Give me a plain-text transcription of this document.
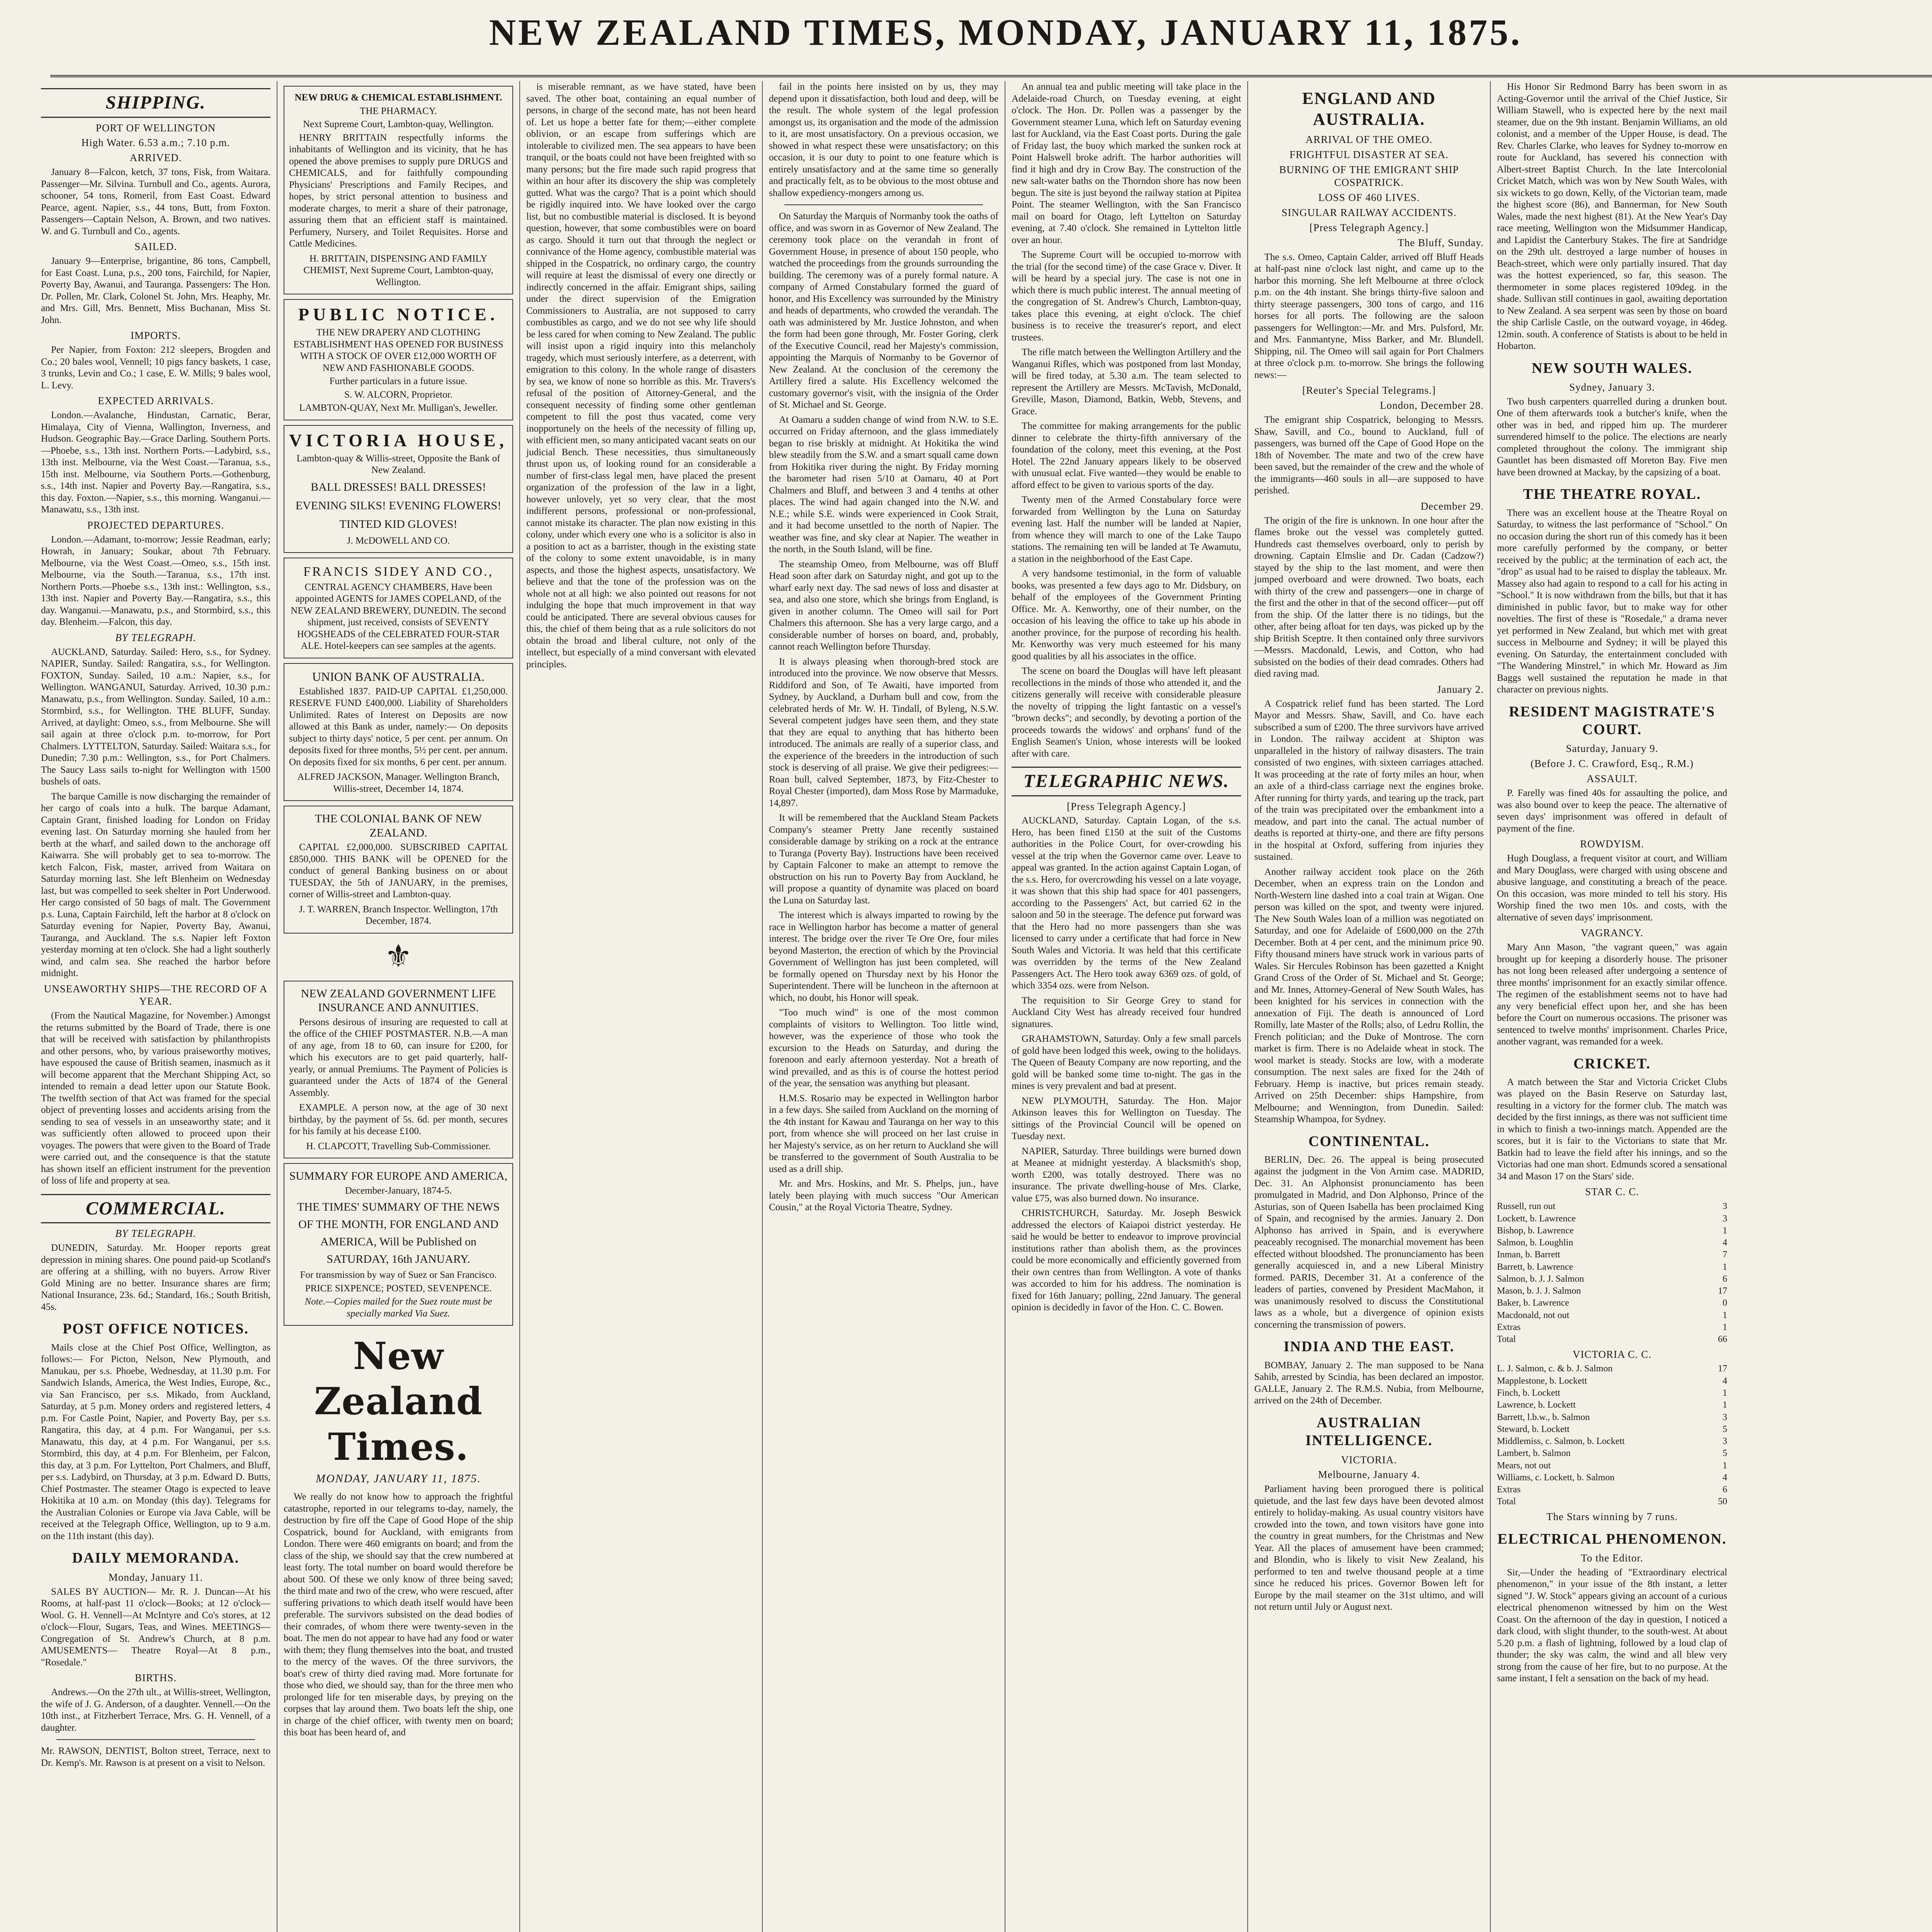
NEW ZEALAND TIMES, MONDAY, JANUARY 11, 1875.
SHIPPING.
PORT OF WELLINGTON
High Water. 6.53 a.m.; 7.10 p.m.
ARRIVED.
January 8—Falcon, ketch, 37 tons, Fisk, from Waitara. Passenger—Mr. Silvina. Turnbull and Co., agents. Aurora, schooner, 54 tons, Romeril, from East Coast. Edward Pearce, agent. Napier, s.s., 44 tons, Butt, from Foxton. Passengers—Captain Nelson, A. Brown, and two natives. W. and G. Turnbull and Co., agents.
SAILED.
January 9—Enterprise, brigantine, 86 tons, Campbell, for East Coast. Luna, p.s., 200 tons, Fairchild, for Napier, Poverty Bay, Awanui, and Tauranga. Passengers: The Hon. Dr. Pollen, Mr. Clark, Colonel St. John, Mrs. Heaphy, Mr. and Mrs. Gill, Mrs. Bennett, Miss Buchanan, Miss St. John.
IMPORTS.
Per Napier, from Foxton: 212 sleepers, Brogden and Co.; 20 bales wool, Vennell; 10 pigs fancy baskets, 1 case, 3 trunks, Levin and Co.; 1 case, E. W. Mills; 9 bales wool, L. Levy.
EXPECTED ARRIVALS.
London.—Avalanche, Hindustan, Carnatic, Berar, Himalaya, City of Vienna, Wallington, Inverness, and Hudson. Geographic Bay.—Grace Darling. Southern Ports.—Phoebe, s.s., 13th inst. Northern Ports.—Ladybird, s.s., 13th inst. Melbourne, via the West Coast.—Taranua, s.s., 15th inst. Melbourne, via Southern Ports.—Gothenburg, s.s., 14th inst. Napier and Poverty Bay.—Rangatira, s.s., this day. Foxton.—Napier, s.s., this morning. Wanganui.—Manawatu, s.s., 13th inst.
PROJECTED DEPARTURES.
London.—Adamant, to-morrow; Jessie Readman, early; Howrah, in January; Soukar, about 7th February. Melbourne, via the West Coast.—Omeo, s.s., 15th inst. Melbourne, via the South.—Taranua, s.s., 17th inst. Northern Ports.—Phoebe s.s., 13th inst.: Wellington, s.s., 13th inst. Napier and Poverty Bay.—Rangatira, s.s., this day. Wanganui.—Manawatu, p.s., and Stormbird, s.s., this day. Blenheim.—Falcon, this day.
BY TELEGRAPH.
AUCKLAND, Saturday. Sailed: Hero, s.s., for Sydney. NAPIER, Sunday. Sailed: Rangatira, s.s., for Wellington. FOXTON, Sunday. Sailed, 10 a.m.: Napier, s.s., for Wellington. WANGANUI, Saturday. Arrived, 10.30 p.m.: Manawatu, p.s., from Wellington. Sunday. Sailed, 10 a.m.: Stormbird, s.s., for Wellington. THE BLUFF, Sunday. Arrived, at daylight: Omeo, s.s., from Melbourne. She will sail again at three o'clock p.m. to-morrow, for Port Chalmers. LYTTELTON, Saturday. Sailed: Waitara s.s., for Dunedin; 7.30 p.m.: Wellington, s.s., for Port Chalmers. The Saucy Lass sails to-night for Wellington with 1500 bushels of oats.
The barque Camille is now discharging the remainder of her cargo of coals into a hulk. The barque Adamant, Captain Grant, finished loading for London on Friday evening last. On Saturday morning she hauled from her berth at the wharf, and sailed down to the anchorage off Kaiwarra. She will probably get to sea to-morrow. The ketch Falcon, Fisk, master, arrived from Waitara on Saturday morning last. She left Blenheim on Wednesday last, but was compelled to seek shelter in Port Underwood. Her cargo consisted of 50 bags of malt. The Government p.s. Luna, Captain Fairchild, left the harbor at 8 o'clock on Saturday evening for Napier, Poverty Bay, Awanui, Tauranga, and Auckland. The s.s. Napier left Foxton yesterday morning at ten o'clock. She had a light southerly wind, and calm sea. She reached the harbor before midnight.
UNSEAWORTHY SHIPS—THE RECORD OF A YEAR.
(From the Nautical Magazine, for November.) Amongst the returns submitted by the Board of Trade, there is one that will be received with satisfaction by philanthropists and other persons, who, by various praiseworthy motives, have espoused the cause of British seamen, inasmuch as it will become apparent that the Merchant Shipping Act, so intended to remain a dead letter upon our Statute Book. The twelfth section of that Act was framed for the special object of preventing losses and accidents arising from the sending to sea of vessels in an unseaworthy state; and it was sufficiently often allowed to proceed upon their voyages. The powers that were given to the Board of Trade were carried out, and the consequence is that the statute has shown itself an efficient instrument for the prevention of loss of life and property at sea.
COMMERCIAL.
BY TELEGRAPH.
DUNEDIN, Saturday. Mr. Hooper reports great depression in mining shares. One pound paid-up Scotland's are offering at a shilling, with no buyers. Arrow River Gold Mining are no better. Insurance shares are firm; National Insurance, 23s. 6d.; Standard, 16s.; South British, 45s.
POST OFFICE NOTICES.
Mails close at the Chief Post Office, Wellington, as follows:— For Picton, Nelson, New Plymouth, and Manukau, per s.s. Phoebe, Wednesday, at 11.30 p.m. For Sandwich Islands, America, the West Indies, Europe, &c., via San Francisco, per s.s. Mikado, from Auckland, Saturday, at 5 p.m. Money orders and registered letters, 4 p.m. For Castle Point, Napier, and Poverty Bay, per s.s. Rangatira, this day, at 4 p.m. For Wanganui, per s.s. Manawatu, this day, at 4 p.m. For Wanganui, per s.s. Stormbird, this day, at 4 p.m. For Blenheim, per Falcon, this day, at 3 p.m. For Lyttelton, Port Chalmers, and Bluff, per s.s. Ladybird, on Thursday, at 3 p.m. Edward D. Butts, Chief Postmaster. The steamer Otago is expected to leave Hokitika at 10 a.m. on Monday (this day). Telegrams for the Australian Colonies or Europe via Java Cable, will be received at the Telegraph Office, Wellington, up to 9 a.m. on the 11th instant (this day).
DAILY MEMORANDA.
Monday, January 11.
SALES BY AUCTION— Mr. R. J. Duncan—At his Rooms, at half-past 11 o'clock—Books; at 12 o'clock—Wool. G. H. Vennell—At McIntyre and Co's stores, at 12 o'clock—Flour, Sugars, Teas, and Wines. MEETINGS— Congregation of St. Andrew's Church, at 8 p.m. AMUSEMENTS— Theatre Royal—At 8 p.m., "Rosedale."
BIRTHS.
Andrews.—On the 27th ult., at Willis-street, Wellington, the wife of J. G. Anderson, of a daughter. Vennell.—On the 10th inst., at Fitzherbert Terrace, Mrs. G. H. Vennell, of a daughter.
Mr. RAWSON, DENTIST, Bolton street, Terrace, next to Dr. Kemp's. Mr. Rawson is at present on a visit to Nelson.
NEW DRUG & CHEMICAL ESTABLISHMENT.
THE PHARMACY.
Next Supreme Court, Lambton-quay, Wellington.
HENRY BRITTAIN respectfully informs the inhabitants of Wellington and its vicinity, that he has opened the above premises to supply pure DRUGS and CHEMICALS, and for faithfully compounding Physicians' Prescriptions and Family Recipes, and hopes, by strict personal attention to business and moderate charges, to merit a share of their patronage, assuring them that an efficient staff is maintained. Perfumery, Nursery, and Toilet Requisites. Horse and Cattle Medicines.
H. BRITTAIN, DISPENSING AND FAMILY CHEMIST, Next Supreme Court, Lambton-quay, Wellington.
PUBLIC NOTICE.
THE NEW DRAPERY AND CLOTHING ESTABLISHMENT HAS OPENED FOR BUSINESS WITH A STOCK OF OVER £12,000 WORTH OF NEW AND FASHIONABLE GOODS.
Further particulars in a future issue.
S. W. ALCORN, Proprietor.
LAMBTON-QUAY, Next Mr. Mulligan's, Jeweller.
VICTORIA HOUSE,
Lambton-quay & Willis-street, Opposite the Bank of New Zealand.
BALL DRESSES! BALL DRESSES! EVENING SILKS! EVENING FLOWERS! TINTED KID GLOVES!
J. McDOWELL AND CO.
FRANCIS SIDEY AND CO.,
CENTRAL AGENCY CHAMBERS, Have been appointed AGENTS for JAMES COPELAND, of the NEW ZEALAND BREWERY, DUNEDIN. The second shipment, just received, consists of SEVENTY HOGSHEADS of the CELEBRATED FOUR-STAR ALE. Hotel-keepers can see samples at the agents.
UNION BANK OF AUSTRALIA.
Established 1837. PAID-UP CAPITAL £1,250,000. RESERVE FUND £400,000. Liability of Shareholders Unlimited. Rates of Interest on Deposits are now allowed at this Bank as under, namely:— On deposits subject to thirty days' notice, 5 per cent. per annum. On deposits fixed for three months, 5½ per cent. per annum. On deposits fixed for six months, 6 per cent. per annum.
ALFRED JACKSON, Manager. Wellington Branch, Willis-street, December 14, 1874.
THE COLONIAL BANK OF NEW ZEALAND.
CAPITAL £2,000,000. SUBSCRIBED CAPITAL £850,000. THIS BANK will be OPENED for the conduct of general Banking business on or about TUESDAY, the 5th of JANUARY, in the premises, corner of Willis-street and Lambton-quay.
J. T. WARREN, Branch Inspector. Wellington, 17th December, 1874.
⚜
NEW ZEALAND GOVERNMENT LIFE INSURANCE AND ANNUITIES.
Persons desirous of insuring are requested to call at the office of the CHIEF POSTMASTER. N.B.—A man of any age, from 18 to 60, can insure for £200, for which his executors are to get paid quarterly, half-yearly, or annual Premiums. The Payment of Policies is guaranteed under the Acts of 1874 of the General Assembly.
EXAMPLE. A person now, at the age of 30 next birthday, by the payment of 5s. 6d. per month, secures for his family at his decease £100.
H. CLAPCOTT, Travelling Sub-Commissioner.
SUMMARY FOR EUROPE AND AMERICA,
December-January, 1874-5.
THE TIMES' SUMMARY OF THE NEWS OF THE MONTH, FOR ENGLAND AND AMERICA, Will be Published on SATURDAY, 16th JANUARY.
For transmission by way of Suez or San Francisco.
PRICE SIXPENCE; POSTED, SEVENPENCE.
Note.—Copies mailed for the Suez route must be specially marked Via Suez.
New Zealand Times.
MONDAY, JANUARY 11, 1875.
We really do not know how to approach the frightful catastrophe, reported in our telegrams to-day, namely, the destruction by fire off the Cape of Good Hope of the ship Cospatrick, bound for Auckland, with emigrants from London. There were 460 emigrants on board; and from the class of the ship, we should say that the crew numbered at least forty. The total number on board would therefore be about 500. Of these we only know of three being saved; the third mate and two of the crew, who were rescued, after suffering privations to which death itself would have been preferable. The survivors subsisted on the dead bodies of their comrades, of whom there were twenty-seven in the boat. The men do not appear to have had any food or water with them; they flung themselves into the boat, and trusted to the mercy of the waves. Of the three survivors, the boat's crew of thirty died raving mad. More fortunate for those who died, we should say, than for the three men who prolonged life for ten miserable days, by preying on the corpses that lay around them. Two boats left the ship, one in charge of the chief officer, with twenty men on board; this boat has been heard of, and
is miserable remnant, as we have stated, have been saved. The other boat, containing an equal number of persons, in charge of the second mate, has not been heard of. Let us hope a better fate for them;—either complete oblivion, or an escape from sufferings which are intolerable to civilized men. The sea appears to have been tranquil, or the boats could not have been freighted with so many persons; but the fire made such rapid progress that within an hour after its discovery the ship was completely gutted. What was the cargo? That is a point which should be rigidly inquired into. We have looked over the cargo list, but no combustible material is disclosed. It is beyond question, however, that some combustibles were on board as cargo. Should it turn out that through the neglect or connivance of the Home agency, combustible material was shipped in the Cospatrick, no ordinary cargo, the country will require at least the dismissal of every one directly or indirectly concerned in the affair. Emigrant ships, sailing under the direct supervision of the Emigration Commissioners to Australia, are not supposed to carry combustibles as cargo, and we do not see why life should be less cared for when coming to New Zealand. The public will insist upon a rigid inquiry into this melancholy tragedy, which must seriously interfere, as a deterrent, with emigration to this colony. In the whole range of disasters by sea, we know of none so horrible as this. Mr. Travers's refusal of the position of Attorney-General, and the consequent necessity of finding some other gentleman competent to fill the post thus vacated, come very inopportunely on the heels of the necessity of filling up, with efficient men, so many anticipated vacant seats on our judicial Bench. These necessities, thus simultaneously thrust upon us, of looking round for an considerable a number of first-class legal men, have placed the present organization of the profession of the law in a light, however unlovely, yet so very clear, that the most indifferent persons, professional or non-professional, cannot mistake its character. The plan now existing in this colony, under which every one who is a solicitor is also in a position to act as a barrister, though in the existing state of the colony to some extent unavoidable, is in many aspects, and those the highest aspects, unsatisfactory. We believe and that the tone of the profession was on the whole not at all high: we also pointed out reasons for not indulging the hope that much improvement in that way could be anticipated. There are several obvious causes for this, the chief of them being that as a rule solicitors do not obtain the broad and liberal culture, not only of the intellect, but especially of a mind conversant with elevated principles.
fail in the points here insisted on by us, they may depend upon it dissatisfaction, both loud and deep, will be the result. The whole system of the legal profession amongst us, its organisation and the mode of the admission to it, are most unsatisfactory. On a previous occasion, we showed in what respect these were unsatisfactory; on this occasion, it is our duty to point to one feature which is entirely unsatisfactory and at the same time so generally and practically felt, as to be obvious to the most obtuse and shallow expediency-mongers among us.
On Saturday the Marquis of Normanby took the oaths of office, and was sworn in as Governor of New Zealand. The ceremony took place on the verandah in front of Government House, in presence of about 150 people, who watched the proceedings from the grounds surrounding the building. The ceremony was of a purely formal nature. A company of Armed Constabulary formed the guard of honor, and His Excellency was surrounded by the Ministry and heads of departments, who crowded the verandah. The oath was administered by Mr. Justice Johnston, and when the form had been gone through, Mr. Foster Goring, clerk of the Executive Council, read her Majesty's commission, appointing the Marquis of Normanby to be Governor of New Zealand. At the conclusion of the ceremony the Artillery fired a salute. His Excellency welcomed the customary governor's visit, with the insignia of the Order of St. Michael and St. George.
At Oamaru a sudden change of wind from N.W. to S.E. occurred on Friday afternoon, and the glass immediately began to rise briskly at midnight. At Hokitika the wind blew steadily from the S.W. and a smart squall came down from Hokitika river during the night. By Friday morning the barometer had risen 5/10 at Oamaru, 40 at Port Chalmers and Bluff, and between 3 and 4 tenths at other places. The wind had again changed into the N.W. and N.E.; while S.E. winds were experienced in Cook Strait, and it had become unsettled to the north of Napier. The weather was fine, and sky clear at Napier. The weather in the north, in the South Island, will be fine.
The steamship Omeo, from Melbourne, was off Bluff Head soon after dark on Saturday night, and got up to the wharf early next day. The sad news of loss and disaster at sea, and also one store, which she brings from England, is given in another column. The Omeo will sail for Port Chalmers this afternoon. She has a very large cargo, and a considerable number of horses on board, and, probably, cannot reach Wellington before Thursday.
It is always pleasing when thorough-bred stock are introduced into the province. We now observe that Messrs. Riddiford and Son, of Te Awaiti, have imported from Sydney, by Auckland, a Durham bull and cow, from the celebrated herds of Mr. W. H. Tindall, of Byleng, N.S.W. Several competent judges have seen them, and they state that they are equal to anything that has hitherto been introduced. The animals are really of a superior class, and the experience of the breeders in the introduction of such stock is deserving of all praise. We give their pedigrees:—Roan bull, calved September, 1873, by Fitz-Chester to Royal Chester (imported), dam Moss Rose by Marmaduke, 14,897.
It will be remembered that the Auckland Steam Packets Company's steamer Pretty Jane recently sustained considerable damage by striking on a rock at the entrance to Turanga (Poverty Bay). Instructions have been received by Captain Falconer to make an attempt to remove the obstruction on his run to Poverty Bay from Auckland, he will propose a quantity of dynamite was placed on board the Luna on Saturday last.
The interest which is always imparted to rowing by the race in Wellington harbor has become a matter of general interest. The bridge over the river Te Ore Ore, four miles beyond Masterton, the erection of which by the Provincial Government of Wellington has just been completed, will be formally opened on Thursday next by his Honor the Superintendent. There will be luncheon in the afternoon at which, no doubt, his Honor will speak.
"Too much wind" is one of the most common complaints of visitors to Wellington. Too little wind, however, was the experience of those who took the excursion to the Heads on Saturday, and during the forenoon and early afternoon yesterday. Not a breath of wind prevailed, and as this is of course the hottest period of the year, the sensation was anything but pleasant.
H.M.S. Rosario may be expected in Wellington harbor in a few days. She sailed from Auckland on the morning of the 4th instant for Kawau and Tauranga on her way to this port, from whence she will proceed on her last cruise in her Majesty's service, as on her return to Auckland she will be transferred to the government of South Australia to be used as a drill ship.
Mr. and Mrs. Hoskins, and Mr. S. Phelps, jun., have lately been playing with much success "Our American Cousin," at the Royal Victoria Theatre, Sydney.
An annual tea and public meeting will take place in the Adelaide-road Church, on Tuesday evening, at eight o'clock. The Hon. Dr. Pollen was a passenger by the Government steamer Luna, which left on Saturday evening last for Auckland, via the East Coast ports. During the gale of Friday last, the buoy which marked the sunken rock at Point Halswell broke adrift. The harbor authorities will find it high and dry in Crow Bay. The construction of the new salt-water baths on the Thorndon shore has now been begun. The site is just beyond the railway station at Pipitea Point. The steamer Wellington, with the San Francisco mail on board for Otago, left Lyttelton on Saturday evening, at 7.40 o'clock. She remained in Lyttelton little over an hour.
The Supreme Court will be occupied to-morrow with the trial (for the second time) of the case Grace v. Diver. It will be heard by a special jury. The case is not one in which there is much public interest. The annual meeting of the congregation of St. Andrew's Church, Lambton-quay, takes place this evening, at eight o'clock. The chief business is to receive the treasurer's report, and elect trustees.
The rifle match between the Wellington Artillery and the Wanganui Rifles, which was postponed from last Monday, will be fired today, at 5.30 a.m. The team selected to represent the Artillery are Messrs. McTavish, McDonald, Greville, Mason, Diamond, Batkin, Webb, Stevens, and Grace.
The committee for making arrangements for the public dinner to celebrate the thirty-fifth anniversary of the foundation of the colony, meet this evening, at the Post Hotel. The 22nd January appears likely to be observed with unusual eclat. Five wanted—they would be enable to afford effect to be given to various sports of the day.
Twenty men of the Armed Constabulary force were forwarded from Wellington by the Luna on Saturday evening last. Half the number will be landed at Napier, from whence they will march to one of the Lake Taupo stations. The remaining ten will be landed at Te Awamutu, a station in the neighborhood of the East Cape.
A very handsome testimonial, in the form of valuable books, was presented a few days ago to Mr. Didsbury, on behalf of the employees of the Government Printing Office. Mr. A. Kenworthy, one of their number, on the occasion of his leaving the office to take up his abode in another province, for the purpose of recording his health. Mr. Kenworthy was very much esteemed for his many good qualities by all his associates in the office.
The scene on board the Douglas will have left pleasant recollections in the minds of those who attended it, and the citizens generally will receive with considerable pleasure the novelty of tripping the light fantastic on a vessel's "brown decks"; and secondly, by devoting a portion of the proceeds towards the widows' and orphans' fund of the English Seamen's Union, whose interests will be looked after with care.
TELEGRAPHIC NEWS.
[Press Telegraph Agency.]
AUCKLAND, Saturday. Captain Logan, of the s.s. Hero, has been fined £150 at the suit of the Customs authorities in the Police Court, for over-crowding his vessel at the trip when the Governor came over. Leave to appeal was granted. In the action against Captain Logan, of the s.s. Hero, for overcrowding his vessel on a late voyage, it was shown that this ship had space for 401 passengers, according to the Passengers' Act, but carried 62 in the saloon and 50 in the steerage. The defence put forward was that the Hero had no more passengers than she was licensed to carry under a certificate that had force in New South Wales and Victoria. It was held that this certificate was overridden by the terms of the New Zealand Passengers Act. The Hero took away 6369 ozs. of gold, of which 3354 ozs. were from Nelson.
The requisition to Sir George Grey to stand for Auckland City West has already received four hundred signatures.
GRAHAMSTOWN, Saturday. Only a few small parcels of gold have been lodged this week, owing to the holidays. The Queen of Beauty Company are now reporting, and the gold will be banked some time to-night. The gas in the mines is very prevalent and bad at present.
NEW PLYMOUTH, Saturday. The Hon. Major Atkinson leaves this for Wellington on Tuesday. The sittings of the Provincial Council will be opened on Tuesday next.
NAPIER, Saturday. Three buildings were burned down at Meanee at midnight yesterday. A blacksmith's shop, worth £200, was totally destroyed. There was no insurance. The private dwelling-house of Mrs. Clarke, value £75, was also burned down. No insurance.
CHRISTCHURCH, Saturday. Mr. Joseph Beswick addressed the electors of Kaiapoi district yesterday. He said he would be better to endeavor to improve provincial institutions rather than abolish them, as the provinces could be more economically and efficiently governed from their own centres than from Wellington. A vote of thanks was accorded to him for his address. The nomination is fixed for 16th January; polling, 22nd January. The general opinion is decidedly in favor of the Hon. C. C. Bowen.
ENGLAND AND AUSTRALIA.
ARRIVAL OF THE OMEO.
FRIGHTFUL DISASTER AT SEA.
BURNING OF THE EMIGRANT SHIP COSPATRICK.
LOSS OF 460 LIVES.
SINGULAR RAILWAY ACCIDENTS.
[Press Telegraph Agency.]
The Bluff, Sunday.
The s.s. Omeo, Captain Calder, arrived off Bluff Heads at half-past nine o'clock last night, and came up to the harbor this morning. She left Melbourne at three o'clock p.m. on the 4th instant. She brings thirty-five saloon and thirty steerage passengers, 300 tons of cargo, and 116 horses for all ports. The following are the saloon passengers for Wellington:—Mr. and Mrs. Pulsford, Mr. and Mrs. Fanmantyne, Miss Barker, and Mr. Blundell. Shipping, nil. The Omeo will sail again for Port Chalmers at three o'clock p.m. to-morrow. She brings the following news:—
[Reuter's Special Telegrams.]
London, December 28.
The emigrant ship Cospatrick, belonging to Messrs. Shaw, Savill, and Co., bound to Auckland, full of passengers, was burned off the Cape of Good Hope on the 18th of November. The mate and two of the crew have been saved, but the remainder of the crew and the whole of the immigrants—460 souls in all—are supposed to have perished.
December 29.
The origin of the fire is unknown. In one hour after the flames broke out the vessel was completely gutted. Hundreds cast themselves overboard, only to perish by drowning. Captain Elmslie and Dr. Cadan (Cadzow?) stayed by the ship to the last moment, and were then jumped overboard and were drowned. Two boats, each with thirty of the crew and passengers—one in charge of the first and the other in that of the second officer—put off from the ship. Of the latter there is no tidings, but the other, after being afloat for ten days, was picked up by the ship British Sceptre. It then contained only three survivors—Messrs. Macdonald, Lewis, and Cotton, who had subsisted on the bodies of their dead comrades. Others had died raving mad.
January 2.
A Cospatrick relief fund has been started. The Lord Mayor and Messrs. Shaw, Savill, and Co. have each subscribed a sum of £200. The three survivors have arrived in London. The railway accident at Shipton was unparalleled in the history of railway disasters. The train consisted of two engines, with sixteen carriages attached. It was proceeding at the rate of forty miles an hour, when an axle of a third-class carriage next the engines broke. After running for thirty yards, and tearing up the track, part of the train was precipitated over the embankment into a meadow, and part into the canal. The actual number of deaths is reported at thirty-one, and there are fifty persons in the hospital at Oxford, suffering from injuries they sustained.
Another railway accident took place on the 26th December, when an express train on the London and North-Western line dashed into a coal train at Wigan. One person was killed on the spot, and twenty were injured. The New South Wales loan of a million was negotiated on Saturday, and one for Adelaide of £600,000 on the 27th December. Both at 4 per cent, and the minimum price 90. Fifty thousand miners have struck work in various parts of Wales. Sir Hercules Robinson has been gazetted a Knight Grand Cross of the Order of St. Michael and St. George; and Mr. Innes, Attorney-General of New South Wales, has been knighted for his services in connection with the annexation of Fiji. The death is announced of Lord Romilly, late Master of the Rolls; also, of Ledru Rollin, the French politician; and the Duke of Montrose. The corn market is firm. There is no Adelaide wheat in stock. The wool market is steady. Stocks are low, with a moderate consumption. The next sales are fixed for the 24th of February. Hemp is inactive, but prices remain steady. Arrived on 25th December: ships Hampshire, from Melbourne; and Wennington, from Dunedin. Sailed: Steamship Whampoa, for Sydney.
CONTINENTAL.
BERLIN, Dec. 26. The appeal is being prosecuted against the judgment in the Von Arnim case. MADRID, Dec. 31. An Alphonsist pronunciamento has been promulgated in Madrid, and Don Alphonso, Prince of the Asturias, son of Queen Isabella has been proclaimed King of Spain, and recognised by the armies. January 2. Don Alphonso has arrived in Spain, and is everywhere peaceably recognised. The monarchial movement has been effected without bloodshed. The pronunciamento has been generally acquiesced in, and a new Liberal Ministry formed. PARIS, December 31. At a conference of the leaders of parties, convened by President MacMahon, it was unanimously resolved to discuss the Constitutional laws as a whole, but a divergence of opinion exists concerning the transmission of powers.
INDIA AND THE EAST.
BOMBAY, January 2. The man supposed to be Nana Sahib, arrested by Scindia, has been declared an impostor. GALLE, January 2. The R.M.S. Nubia, from Melbourne, arrived on the 24th of December.
AUSTRALIAN INTELLIGENCE.
VICTORIA.
Melbourne, January 4.
Parliament having been prorogued there is political quietude, and the last few days have been devoted almost entirely to holiday-making. As usual country visitors have crowded into the town, and town visitors have gone into the country in great numbers, for the Christmas and New Year. All the places of amusement have been crammed; and Blondin, who is likely to visit New Zealand, his performed to ten and twelve thousand people at a time since he reduced his prices. Governor Bowen left for Europe by the mail steamer on the 31st ultimo, and will not return until July or August next.
His Honor Sir Redmond Barry has been sworn in as Acting-Governor until the arrival of the Chief Justice, Sir William Stawell, who is expected here by the next mail steamer, due on the 9th instant. Benjamin Williams, an old colonist, and a member of the Upper House, is dead. The Rev. Charles Clarke, who leaves for Sydney to-morrow en route for Auckland, has severed his connection with Albert-street Baptist Church. In the late Intercolonial Cricket Match, which was won by New South Wales, with six wickets to go down, Kelly, of the Victorian team, made the highest score (86), and Bannerman, for New South Wales, made the next highest (81). At the New Year's Day race meeting, Wellington won the Midsummer Handicap, and Lapidist the Canterbury Stakes. The fire at Sandridge on the 29th ult. destroyed a large number of houses in Beach-street, which were only partially insured. That day was the hottest experienced, so far, this season. The thermometer in some places registered 109deg. in the shade. Sullivan still continues in gaol, awaiting deportation to New Zealand. A sea serpent was seen by those on board the ship Carlisle Castle, on the outward voyage, in 46deg. 12min. south. A conference of Statists is about to be held in Hobarton.
NEW SOUTH WALES.
Sydney, January 3.
Two bush carpenters quarrelled during a drunken bout. One of them afterwards took a butcher's knife, when the other was in bed, and ripped him up. The murderer surrendered himself to the police. The elections are nearly completed throughout the colony. The immigrant ship Gauntlet has been dismasted off Moreton Bay. Five men have been drowned at Mackay, by the capsizing of a boat.
THE THEATRE ROYAL.
There was an excellent house at the Theatre Royal on Saturday, to witness the last performance of "School." On no occasion during the short run of this comedy has it been more carefully performed by the company, or better received by the public; at the termination of each act, the "drop" as usual had to be raised to display the tableaux. Mr. Massey also had again to respond to a call for his acting in "School." It is now withdrawn from the bills, but that it has diminished in public favor, but to make way for other novelties. The first of these is "Rosedale," a drama never yet performed in New Zealand, but which met with great success in Melbourne and Sydney; it will be played this evening. On Saturday, the entertainment concluded with "The Wandering Minstrel," in which Mr. Howard as Jim Baggs well sustained the reputation he made in that character on previous nights.
RESIDENT MAGISTRATE'S COURT.
Saturday, January 9.
(Before J. C. Crawford, Esq., R.M.)
ASSAULT.
P. Farelly was fined 40s for assaulting the police, and was also bound over to keep the peace. The alternative of seven days' imprisonment was offered in default of payment of the fine.
ROWDYISM.
Hugh Douglass, a frequent visitor at court, and William and Mary Douglass, were charged with using obscene and abusive language, and constituting a breach of the peace. On this occasion, was more minded to tell his story. His Worship fined the two men 10s. and costs, with the alternative of seven days' imprisonment.
VAGRANCY.
Mary Ann Mason, "the vagrant queen," was again brought up for keeping a disorderly house. The prisoner has not long been released after undergoing a sentence of three months' imprisonment for an exactly similar offence. The regimen of the establishment seems not to have had any very beneficial effect upon her, and she has been before the Court on numerous occasions. The prisoner was sentenced to twelve months' imprisonment. Charles Price, another vagrant, was remanded for a week.
CRICKET.
A match between the Star and Victoria Cricket Clubs was played on the Basin Reserve on Saturday last, resulting in a victory for the former club. The match was decided by the first innings, as there was not sufficient time in which to finish a two-innings match. Appended are the scores, but it is fair to the Victorians to state that Mr. Batkin had to leave the field after his innings, and so the Victorias had one man short. Edmunds scored a sensational 34 and Mason 17 on the Stars' side.
STAR C. C.
Russell, run out	3
Lockett, b. Lawrence	3
Bishop, b. Lawrence	1
Salmon, b. Loughlin	4
Inman, b. Barrett	7
Barrett, b. Lawrence	1
Salmon, b. J. J. Salmon	6
Mason, b. J. J. Salmon	17
Baker, b. Lawrence	0
Macdonald, not out	1
Extras	1
Total	66
VICTORIA C. C.
L. J. Salmon, c. & b. J. Salmon	17
Mapplestone, b. Lockett	4
Finch, b. Lockett	1
Lawrence, b. Lockett	1
Barrett, l.b.w., b. Salmon	3
Steward, b. Lockett	5
Middlemiss, c. Salmon, b. Lockett	3
Lambert, b. Salmon	5
Mears, not out	1
Williams, c. Lockett, b. Salmon	4
Extras	6
Total	50
The Stars winning by 7 runs.
ELECTRICAL PHENOMENON.
To the Editor.
Sir,—Under the heading of "Extraordinary electrical phenomenon," in your issue of the 8th instant, a letter signed "J. W. Stock" appears giving an account of a curious electrical phenomenon witnessed by him on the West Coast. On the afternoon of the day in question, I noticed a dark cloud, with slight thunder, to the south-west. At about 5.20 p.m. a flash of lightning, followed by a loud clap of thunder; the sky was calm, the wind and all blew very strong from the cause of her fire, but to no purpose. At the same instant, I felt a sensation on the back of my head.
